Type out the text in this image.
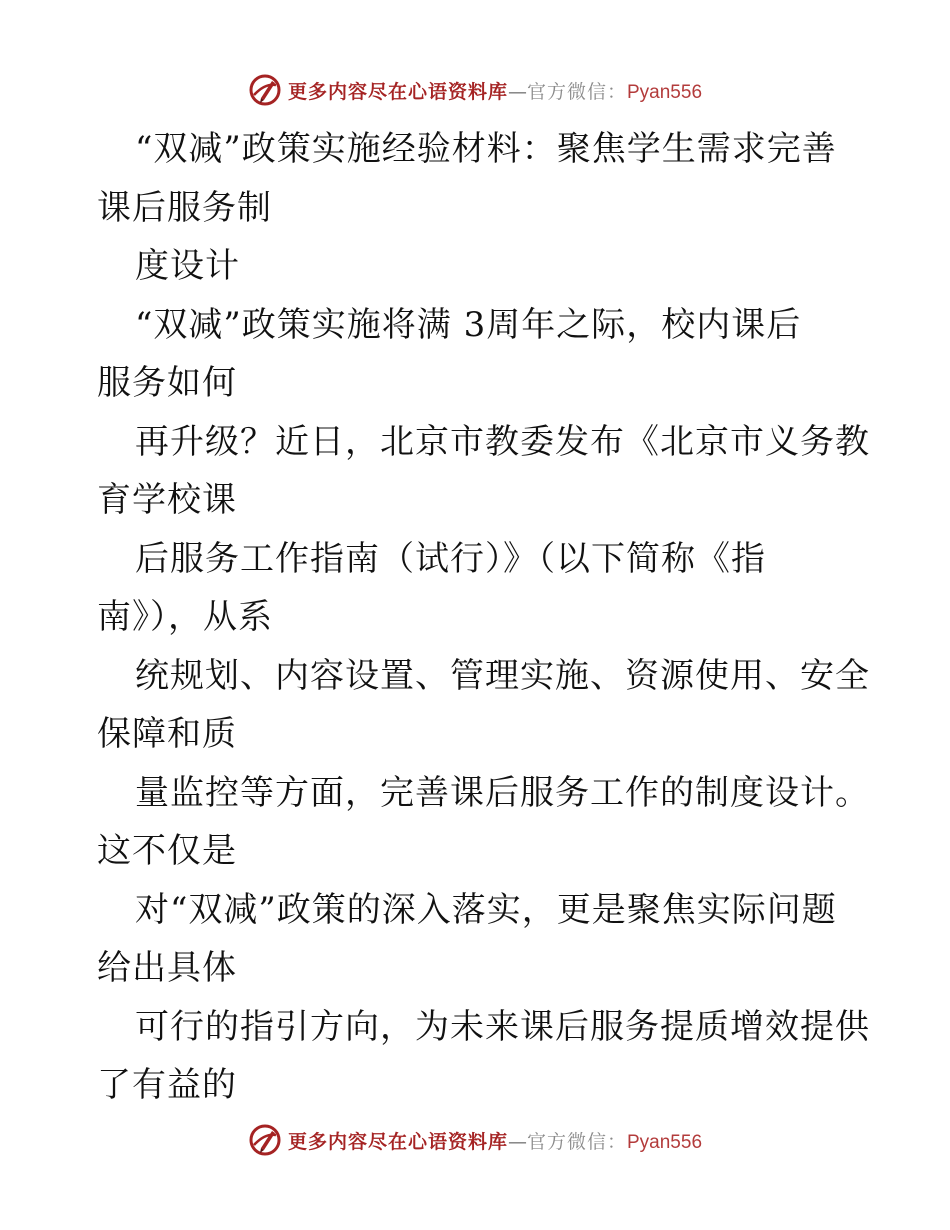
更多内容尽在心语资料库—官方微信：Pyan556
“双减”政策实施经验材料：聚焦学生需求完善
课后服务制
度设计
“双减”政策实施将满 3周年之际，校内课后
服务如何
再升级？近日，北京市教委发布《北京市义务教
育学校课
后服务工作指南（试行）》（以下简称《指
南》），从系
统规划、内容设置、管理实施、资源使用、安全
保障和质
量监控等方面，完善课后服务工作的制度设计。
这不仅是
对“双减”政策的深入落实，更是聚焦实际问题
给出具体
可行的指引方向，为未来课后服务提质增效提供
了有益的
更多内容尽在心语资料库—官方微信：Pyan556
